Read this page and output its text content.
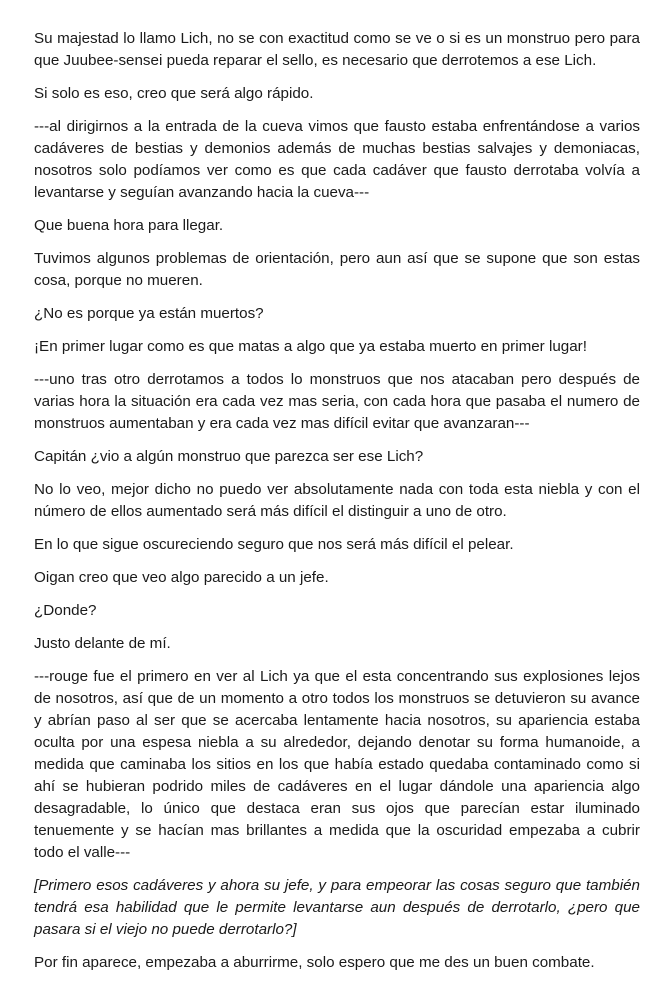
Su majestad lo llamo Lich, no se con exactitud como se ve o si es un monstruo pero para que Juubee-sensei pueda reparar el sello, es necesario que derrotemos a ese Lich.

Si solo es eso, creo que será algo rápido.

---al dirigirnos a la entrada de la cueva vimos que fausto estaba enfrentándose a varios cadáveres de bestias y demonios además de muchas bestias salvajes y demoniacas, nosotros solo podíamos ver como es que cada cadáver que fausto derrotaba volvía a levantarse y seguían avanzando hacia la cueva---

Que buena hora para llegar.

Tuvimos algunos problemas de orientación, pero aun así que se supone que son estas cosa, porque no mueren.

¿No es porque ya están muertos?

¡En primer lugar como es que matas a algo que ya estaba muerto en primer lugar!

---uno tras otro derrotamos a todos lo monstruos que nos atacaban pero después de varias hora la situación era cada vez mas seria, con cada hora que pasaba el numero de monstruos aumentaban y era cada vez mas difícil evitar que avanzaran---

Capitán ¿vio a algún monstruo que parezca ser ese Lich?

No lo veo, mejor dicho no puedo ver absolutamente nada con toda esta niebla y con el número de ellos aumentado será más difícil el distinguir a uno de otro.

En lo que sigue oscureciendo seguro que nos será más difícil el pelear.

Oigan creo que veo algo parecido a un jefe.

¿Donde?

Justo delante de mí.

---rouge fue el primero en ver al Lich ya que el esta concentrando sus explosiones lejos de nosotros, así que de un momento a otro todos los monstruos se detuvieron su avance y abrían paso al ser que se acercaba lentamente hacia nosotros, su apariencia estaba oculta por una espesa niebla a su alrededor, dejando denotar su forma humanoide, a medida que caminaba los sitios en los que había estado quedaba contaminado como si ahí se hubieran podrido miles de cadáveres en el lugar dándole una apariencia algo desagradable, lo único que destaca eran sus ojos que parecían estar iluminado tenuemente y se hacían mas brillantes a medida que la oscuridad empezaba a cubrir todo el valle---

[Primero esos cadáveres y ahora su jefe, y para empeorar las cosas seguro que también tendrá esa habilidad que le permite levantarse aun después de derrotarlo, ¿pero que pasara si el viejo no puede derrotarlo?]

Por fin aparece, empezaba a aburrirme, solo espero que me des un buen combate.
